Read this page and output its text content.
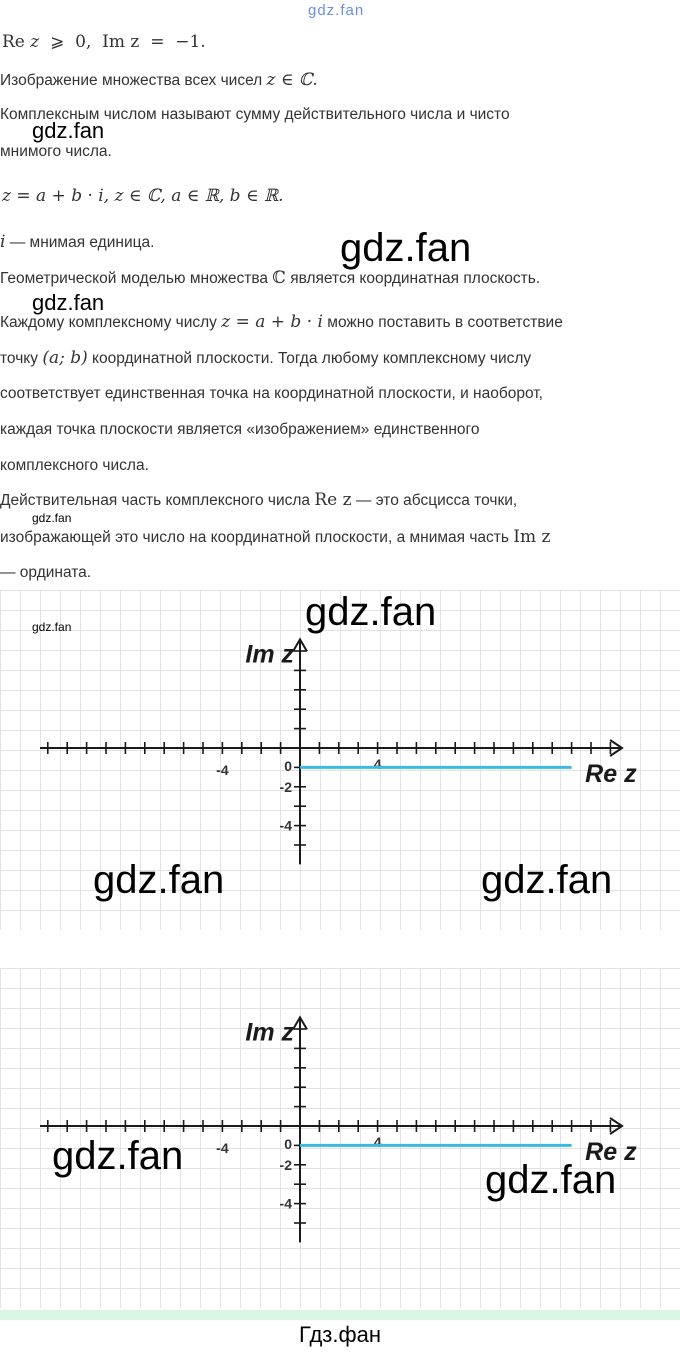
gdz.fan
Re z ⩾ 0, Im z = −1.
Изображение множества всех чисел z ∈ ℂ.
Комплексным числом называют сумму действительного числа и чисто
мнимого числа.
gdz.fan
z = a + b · i, z ∈ ℂ, a ∈ ℝ, b ∈ ℝ.
i — мнимая единица.	gdz.fan
Геометрической моделью множества ℂ является координатная плоскость.
gdz.fan
Каждому комплексному числу z = a + b · i можно поставить в соответствие
точку (a; b) координатной плоскости. Тогда любому комплексному числу
соответствует единственная точка на координатной плоскости, и наоборот,
каждая точка плоскости является «изображением» единственного
комплексного числа.
Действительная часть комплексного числа Re z — это абсцисса точки,
gdz.fan
изображающей это число на координатной плоскости, а мнимая часть Im z
— ордината.
-4	4
0
-2
-4
Im z
Re z
gdz.fan	gdz.fan
gdz.fan	gdz.fan
-4	4
0
-2
-4
Im z
Re z
gdz.fan
gdz.fan
Гдз.фан
